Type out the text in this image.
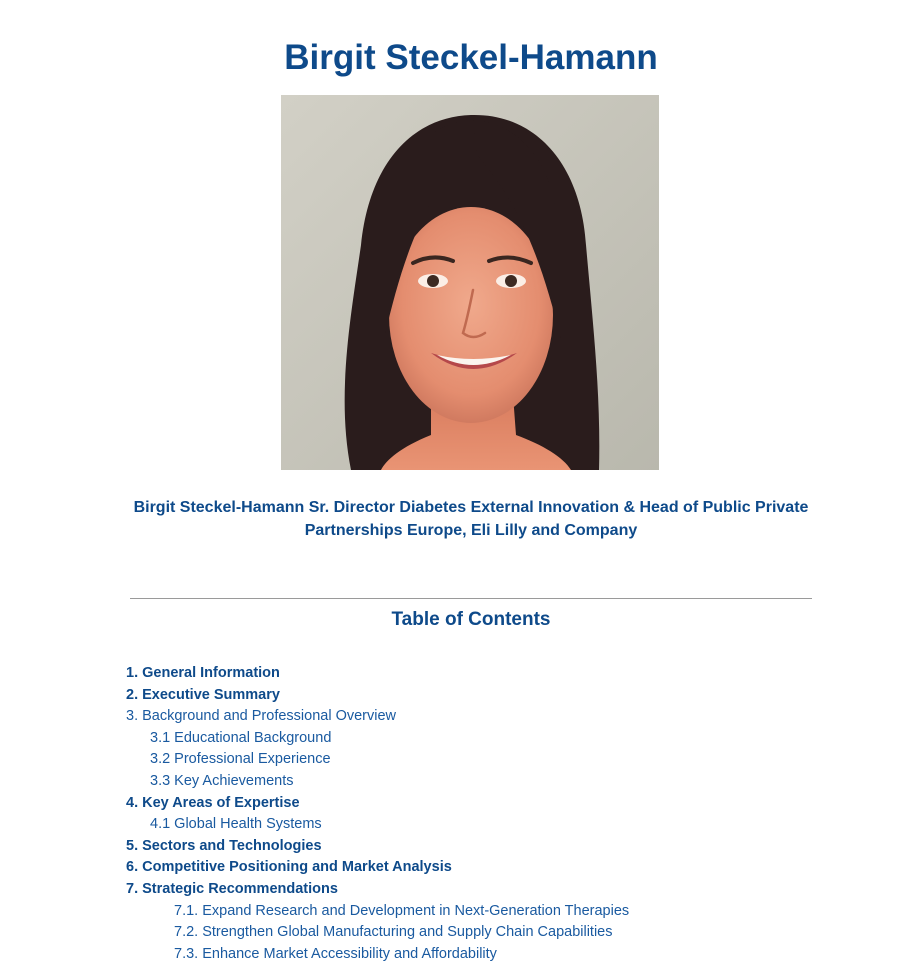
Birgit Steckel-Hamann

Birgit Steckel-Hamann Sr. Director Diabetes External Innovation & Head of Public Private Partnerships Europe, Eli Lilly and Company

Table of Contents
1. General Information
2. Executive Summary
3. Background and Professional Overview
3.1 Educational Background
3.2 Professional Experience
3.3 Key Achievements
4. Key Areas of Expertise
4.1 Global Health Systems
5. Sectors and Technologies
6. Competitive Positioning and Market Analysis
7. Strategic Recommendations
7.1. Expand Research and Development in Next-Generation Therapies
7.2. Strengthen Global Manufacturing and Supply Chain Capabilities
7.3. Enhance Market Accessibility and Affordability
